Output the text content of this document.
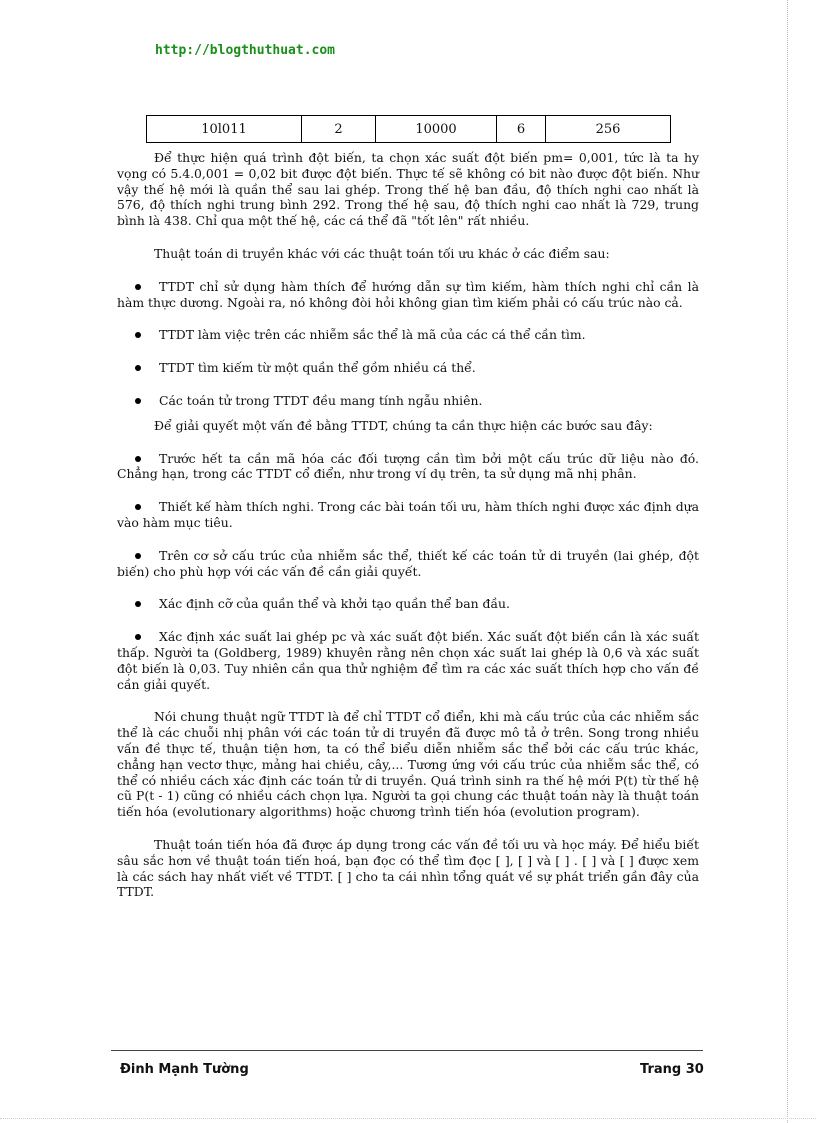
http://blogthuthuat.com
10l011	2	10000	6	256

Để thực hiện quá trình đột biến, ta chọn xác suất đột biến pm= 0,001, tức là ta hy vọng có 5.4.0,001 = 0,02 bit được đột biến. Thực tế sẽ không có bit nào được đột biến. Như vậy thế hệ mới là quần thể sau lai ghép. Trong thế hệ ban đầu, độ thích nghi cao nhất là 576, độ thích nghi trung bình 292. Trong thế hệ sau, độ thích nghi cao nhất là 729, trung bình là 438. Chỉ qua một thế hệ, các cá thể đã "tốt lên" rất nhiều.

Thuật toán di truyền khác với các thuật toán tối ưu khác ở các điểm sau:

TTDT chỉ sử dụng hàm thích để hướng dẫn sự tìm kiếm, hàm thích nghi chỉ cần là hàm thực dương. Ngoài ra, nó không đòi hỏi không gian tìm kiếm phải có cấu trúc nào cả.

TTDT làm việc trên các nhiễm sắc thể là mã của các cá thể cần tìm.

TTDT tìm kiếm từ một quần thể gồm nhiều cá thể.

Các toán tử trong TTDT đều mang tính ngẫu nhiên.

Để giải quyết một vấn đề bằng TTDT, chúng ta cần thực hiện các bước sau đây:

Trước hết ta cần mã hóa các đối tượng cần tìm bởi một cấu trúc dữ liệu nào đó. Chẳng hạn, trong các TTDT cổ điển, như trong ví dụ trên, ta sử dụng mã nhị phân.

Thiết kế hàm thích nghi. Trong các bài toán tối ưu, hàm thích nghi được xác định dựa vào hàm mục tiêu.

Trên cơ sở cấu trúc của nhiễm sắc thể, thiết kế các toán tử di truyền (lai ghép, đột biến) cho phù hợp với các vấn đề cần giải quyết.

Xác định cỡ của quần thể và khởi tạo quần thể ban đầu.

Xác định xác suất lai ghép pc và xác suất đột biến. Xác suất đột biến cần là xác suất thấp. Người ta (Goldberg, 1989) khuyên rằng nên chọn xác suất lai ghép là 0,6 và xác suất đột biến là 0,03. Tuy nhiên cần qua thử nghiệm để tìm ra các xác suất thích hợp cho vấn đề cần giải quyết.

Nói chung thuật ngữ TTDT là để chỉ TTDT cổ điển, khi mà cấu trúc của các nhiễm sắc thể là các chuỗi nhị phân với các toán tử di truyền đã được mô tả ở trên. Song trong nhiều vấn đề thực tế, thuận tiện hơn, ta có thể biểu diễn nhiễm sắc thể bởi các cấu trúc khác, chẳng hạn vectơ thực, mảng hai chiều, cây,... Tương ứng với cấu trúc của nhiễm sắc thể, có thể có nhiều cách xác định các toán tử di truyền. Quá trình sinh ra thế hệ mới P(t) từ thế hệ cũ P(t - 1) cũng có nhiều cách chọn lựa. Người ta gọi chung các thuật toán này là thuật toán tiến hóa (evolutionary algorithms) hoặc chương trình tiến hóa (evolution program).

Thuật toán tiến hóa đã được áp dụng trong các vấn đề tối ưu và học máy. Để hiểu biết sâu sắc hơn về thuật toán tiến hoá, bạn đọc có thể tìm đọc [ ], [ ] và [ ] . [ ] và [ ] được xem là các sách hay nhất viết về TTDT. [ ] cho ta cái nhìn tổng quát về sự phát triển gần đây của TTDT.

Đinh Mạnh Tường	Trang 30
